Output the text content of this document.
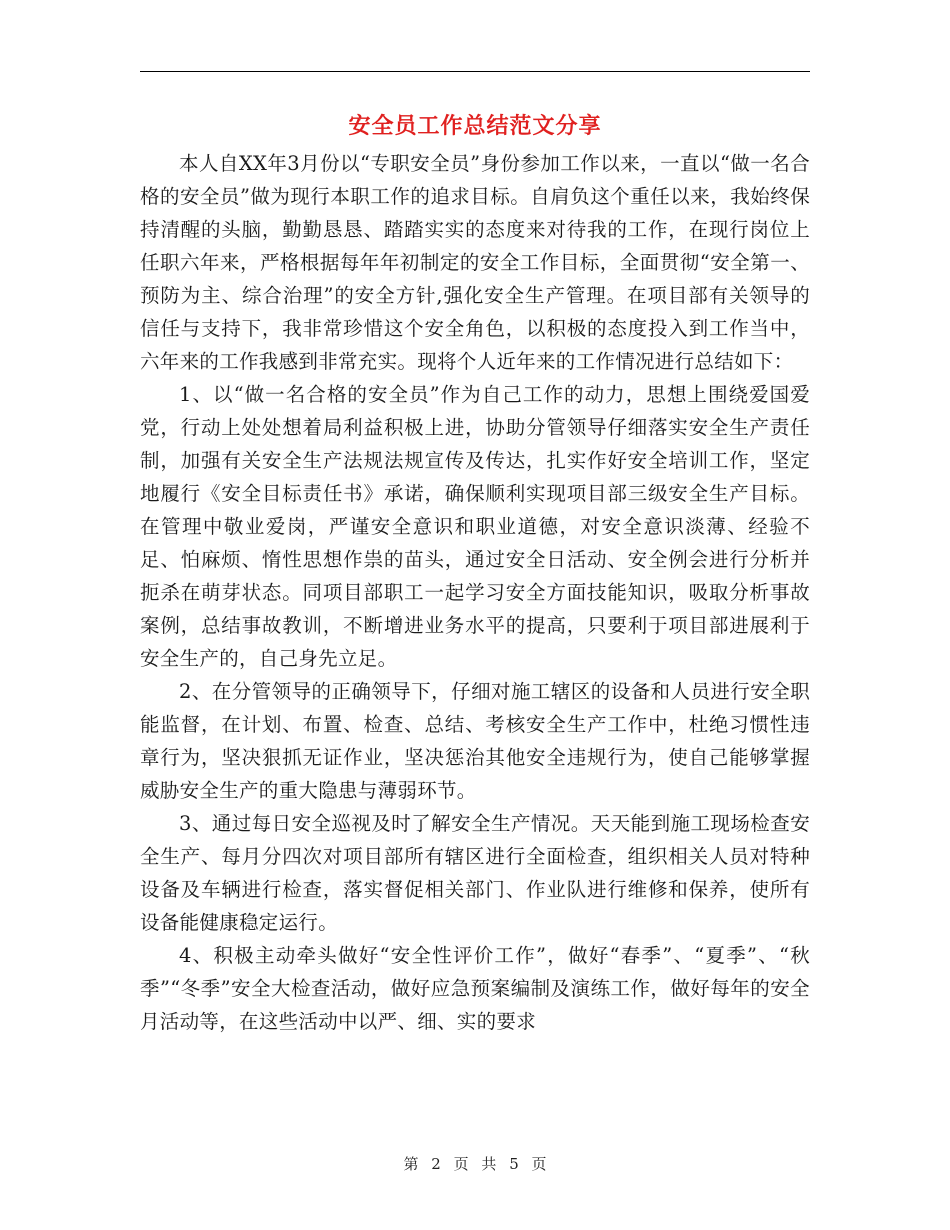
安全员工作总结范文分享

本人自XX年3月份以“专职安全员”身份参加工作以来，一直以“做一名合格的安全员”做为现行本职工作的追求目标。自肩负这个重任以来，我始终保持清醒的头脑，勤勤恳恳、踏踏实实的态度来对待我的工作，在现行岗位上任职六年来，严格根据每年年初制定的安全工作目标，全面贯彻“安全第一、预防为主、综合治理”的安全方针,强化安全生产管理。在项目部有关领导的信任与支持下，我非常珍惜这个安全角色，以积极的态度投入到工作当中，六年来的工作我感到非常充实。现将个人近年来的工作情况进行总结如下：

1、以“做一名合格的安全员”作为自己工作的动力，思想上围绕爱国爱党，行动上处处想着局利益积极上进，协助分管领导仔细落实安全生产责任制，加强有关安全生产法规法规宣传及传达，扎实作好安全培训工作，坚定地履行《安全目标责任书》承诺，确保顺利实现项目部三级安全生产目标。在管理中敬业爱岗，严谨安全意识和职业道德，对安全意识淡薄、经验不足、怕麻烦、惰性思想作祟的苗头，通过安全日活动、安全例会进行分析并扼杀在萌芽状态。同项目部职工一起学习安全方面技能知识，吸取分析事故案例，总结事故教训，不断增进业务水平的提高，只要利于项目部进展利于安全生产的，自己身先立足。

2、在分管领导的正确领导下，仔细对施工辖区的设备和人员进行安全职能监督，在计划、布置、检查、总结、考核安全生产工作中，杜绝习惯性违章行为，坚决狠抓无证作业，坚决惩治其他安全违规行为，使自己能够掌握威胁安全生产的重大隐患与薄弱环节。

3、通过每日安全巡视及时了解安全生产情况。天天能到施工现场检查安全生产、每月分四次对项目部所有辖区进行全面检查，组织相关人员对特种设备及车辆进行检查，落实督促相关部门、作业队进行维修和保养，使所有设备能健康稳定运行。

4、积极主动牵头做好“安全性评价工作”，做好“春季”、“夏季”、“秋季”“冬季”安全大检查活动，做好应急预案编制及演练工作，做好每年的安全月活动等，在这些活动中以严、细、实的要求

第 2 页 共 5 页
